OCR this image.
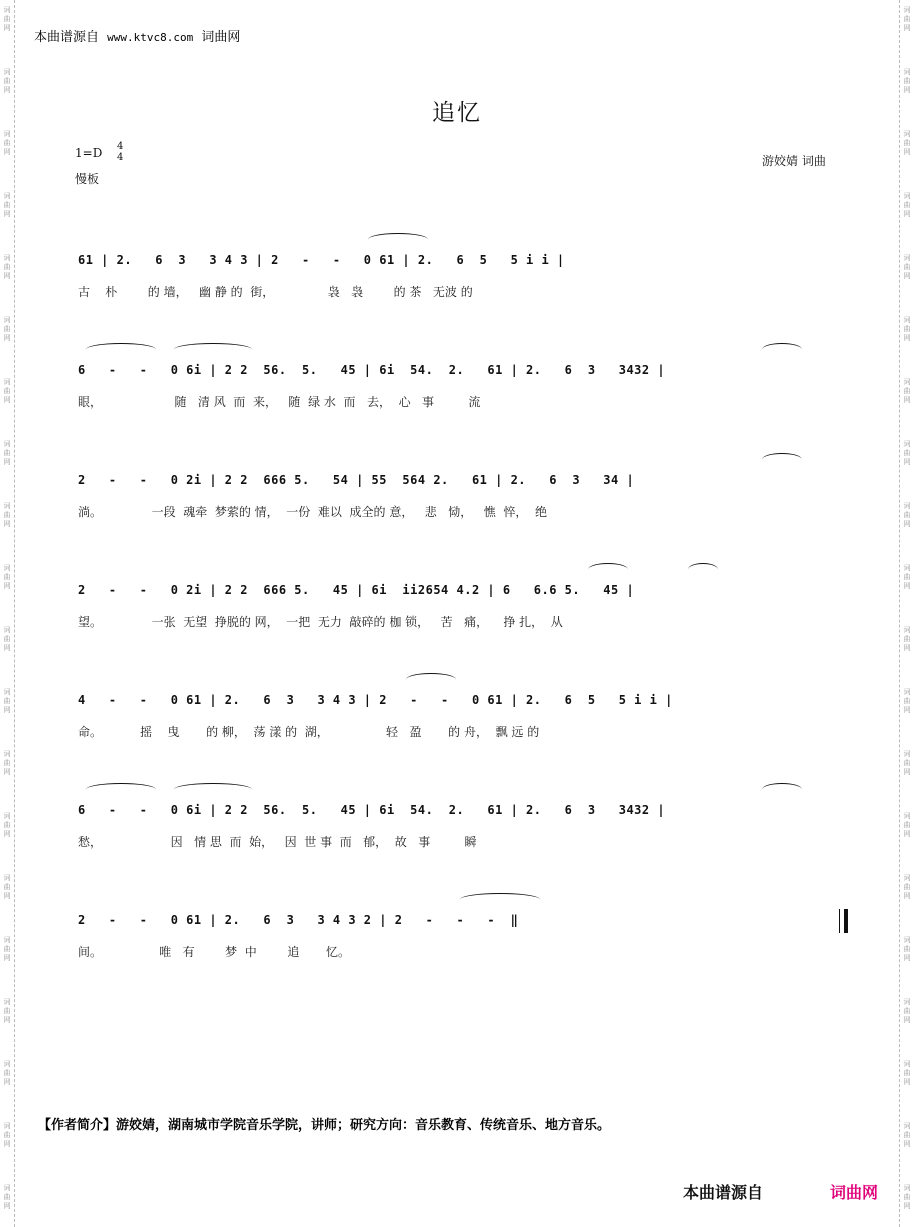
词曲网
词曲网
词曲网
词曲网
词曲网
词曲网
词曲网
词曲网
词曲网
词曲网
词曲网
词曲网
词曲网
词曲网
词曲网
词曲网
词曲网
词曲网
词曲网
词曲网
词曲网
词曲网
词曲网
词曲网
词曲网
词曲网
词曲网
词曲网
词曲网
词曲网
词曲网
词曲网
词曲网
词曲网
词曲网
词曲网
词曲网
词曲网
词曲网
词曲网
本曲谱源自 www.ktvc8.com 词曲网
追忆
1=D 4
4
慢板
游姣婧 词曲
61 | 2.   6  3   3 4 3 | 2   -   -   0 61 | 2.   6  5   5 i i |
古    朴        的 墙，   幽 静 的  街，              袅   袅        的 茶   无波 的
6   -   -   0 6i | 2 2  56.  5.   45 | 6i  54.  2.   61 | 2.   6  3   3432 |
眼，                   随   清 风  而  来，   随  绿 水  而   去，  心   事         流
2   -   -   0 2i | 2 2  666 5.   54 | 55  564 2.   61 | 2.   6  3   34 |
淌。             一段  魂牵  梦萦的 情，  一份  难以  成全的 意，   悲   恸，   憔  悴，  绝
2   -   -   0 2i | 2 2  666 5.   45 | 6i  ii2654 4.2 | 6   6.6 5.   45 |
望。             一张  无望  挣脱的 网，  一把  无力  敲碎的 枷 锁，   苦   痛，    挣 扎，  从
4   -   -   0 61 | 2.   6  3   3 4 3 | 2   -   -   0 61 | 2.   6  5   5 i i |
命。          摇    曳       的 柳，  荡 漾 的  湖，               轻   盈       的 舟，  飘 远 的
6   -   -   0 6i | 2 2  56.  5.   45 | 6i  54.  2.   61 | 2.   6  3   3432 |
愁，                  因   情 思  而  始，   因  世 事  而   郁，  故   事         瞬
2   -   -   0 61 | 2.   6  3   3 4 3 2 | 2   -   -   -  ‖
间。               唯   有        梦  中        追       忆。
【作者简介】游姣婧，湖南城市学院音乐学院，讲师；研究方向：音乐教育、传统音乐、地方音乐。
本曲谱源自	词曲网
